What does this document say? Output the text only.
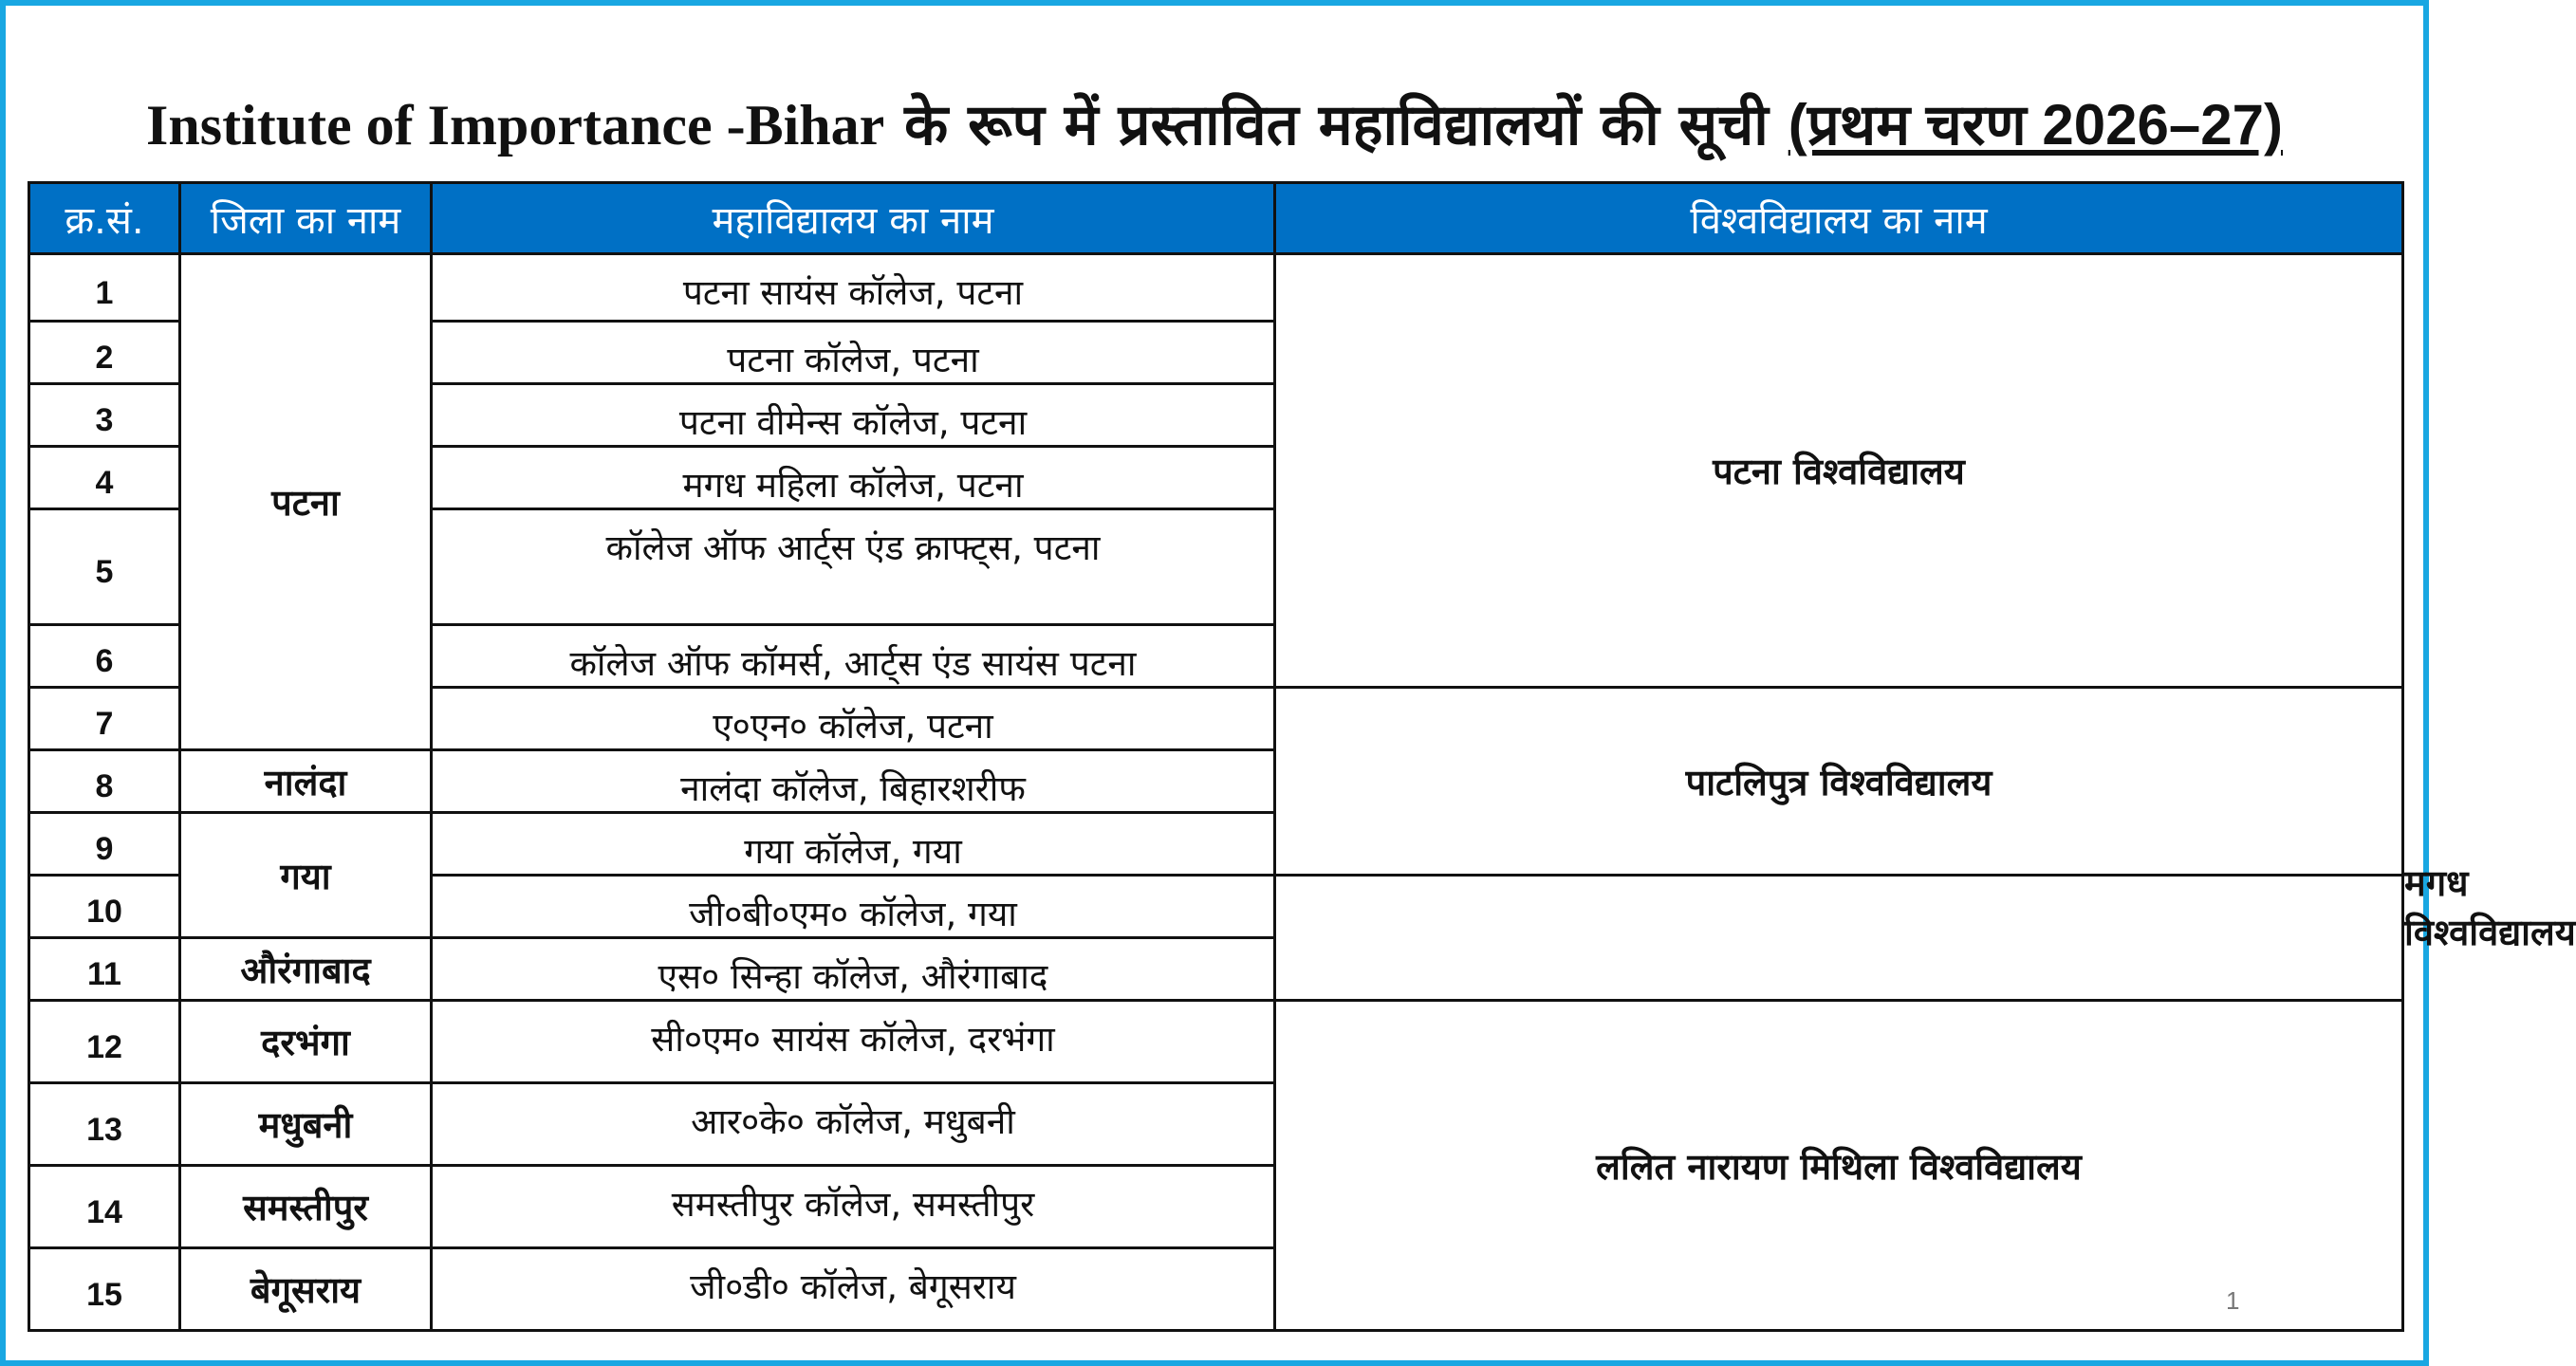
Institute of Importance -Bihar के रूप में प्रस्तावित महाविद्यालयों की सूची (प्रथम चरण 2026–27)
क्र.सं.	जिला का नाम	महाविद्यालय का नाम	विश्वविद्यालय का नाम	
1	पटना	पटना सायंस कॉलेज, पटना	पटना विश्वविद्यालय	
2		पटना कॉलेज, पटना		
3		पटना वीमेन्स कॉलेज, पटना		
4		मगध महिला कॉलेज, पटना		
5		कॉलेज ऑफ आर्ट्स एंड क्राफ्ट्स, पटना		
6		कॉलेज ऑफ कॉमर्स, आर्ट्स एंड सायंस पटना		
7		ए०एन० कॉलेज, पटना	पाटलिपुत्र विश्वविद्यालय	
8	नालंदा	नालंदा कॉलेज, बिहारशरीफ		
9	गया	गया कॉलेज, गया		मगध विश्वविद्यालय
10		जी०बी०एम० कॉलेज, गया		
11	औरंगाबाद	एस० सिन्हा कॉलेज, औरंगाबाद		
12	दरभंगा	सी०एम० सायंस कॉलेज, दरभंगा	ललित नारायण मिथिला विश्वविद्यालय	
13	मधुबनी	आर०के० कॉलेज, मधुबनी		
14	समस्तीपुर	समस्तीपुर कॉलेज, समस्तीपुर		
15	बेगूसराय	जी०डी० कॉलेज, बेगूसराय			1
